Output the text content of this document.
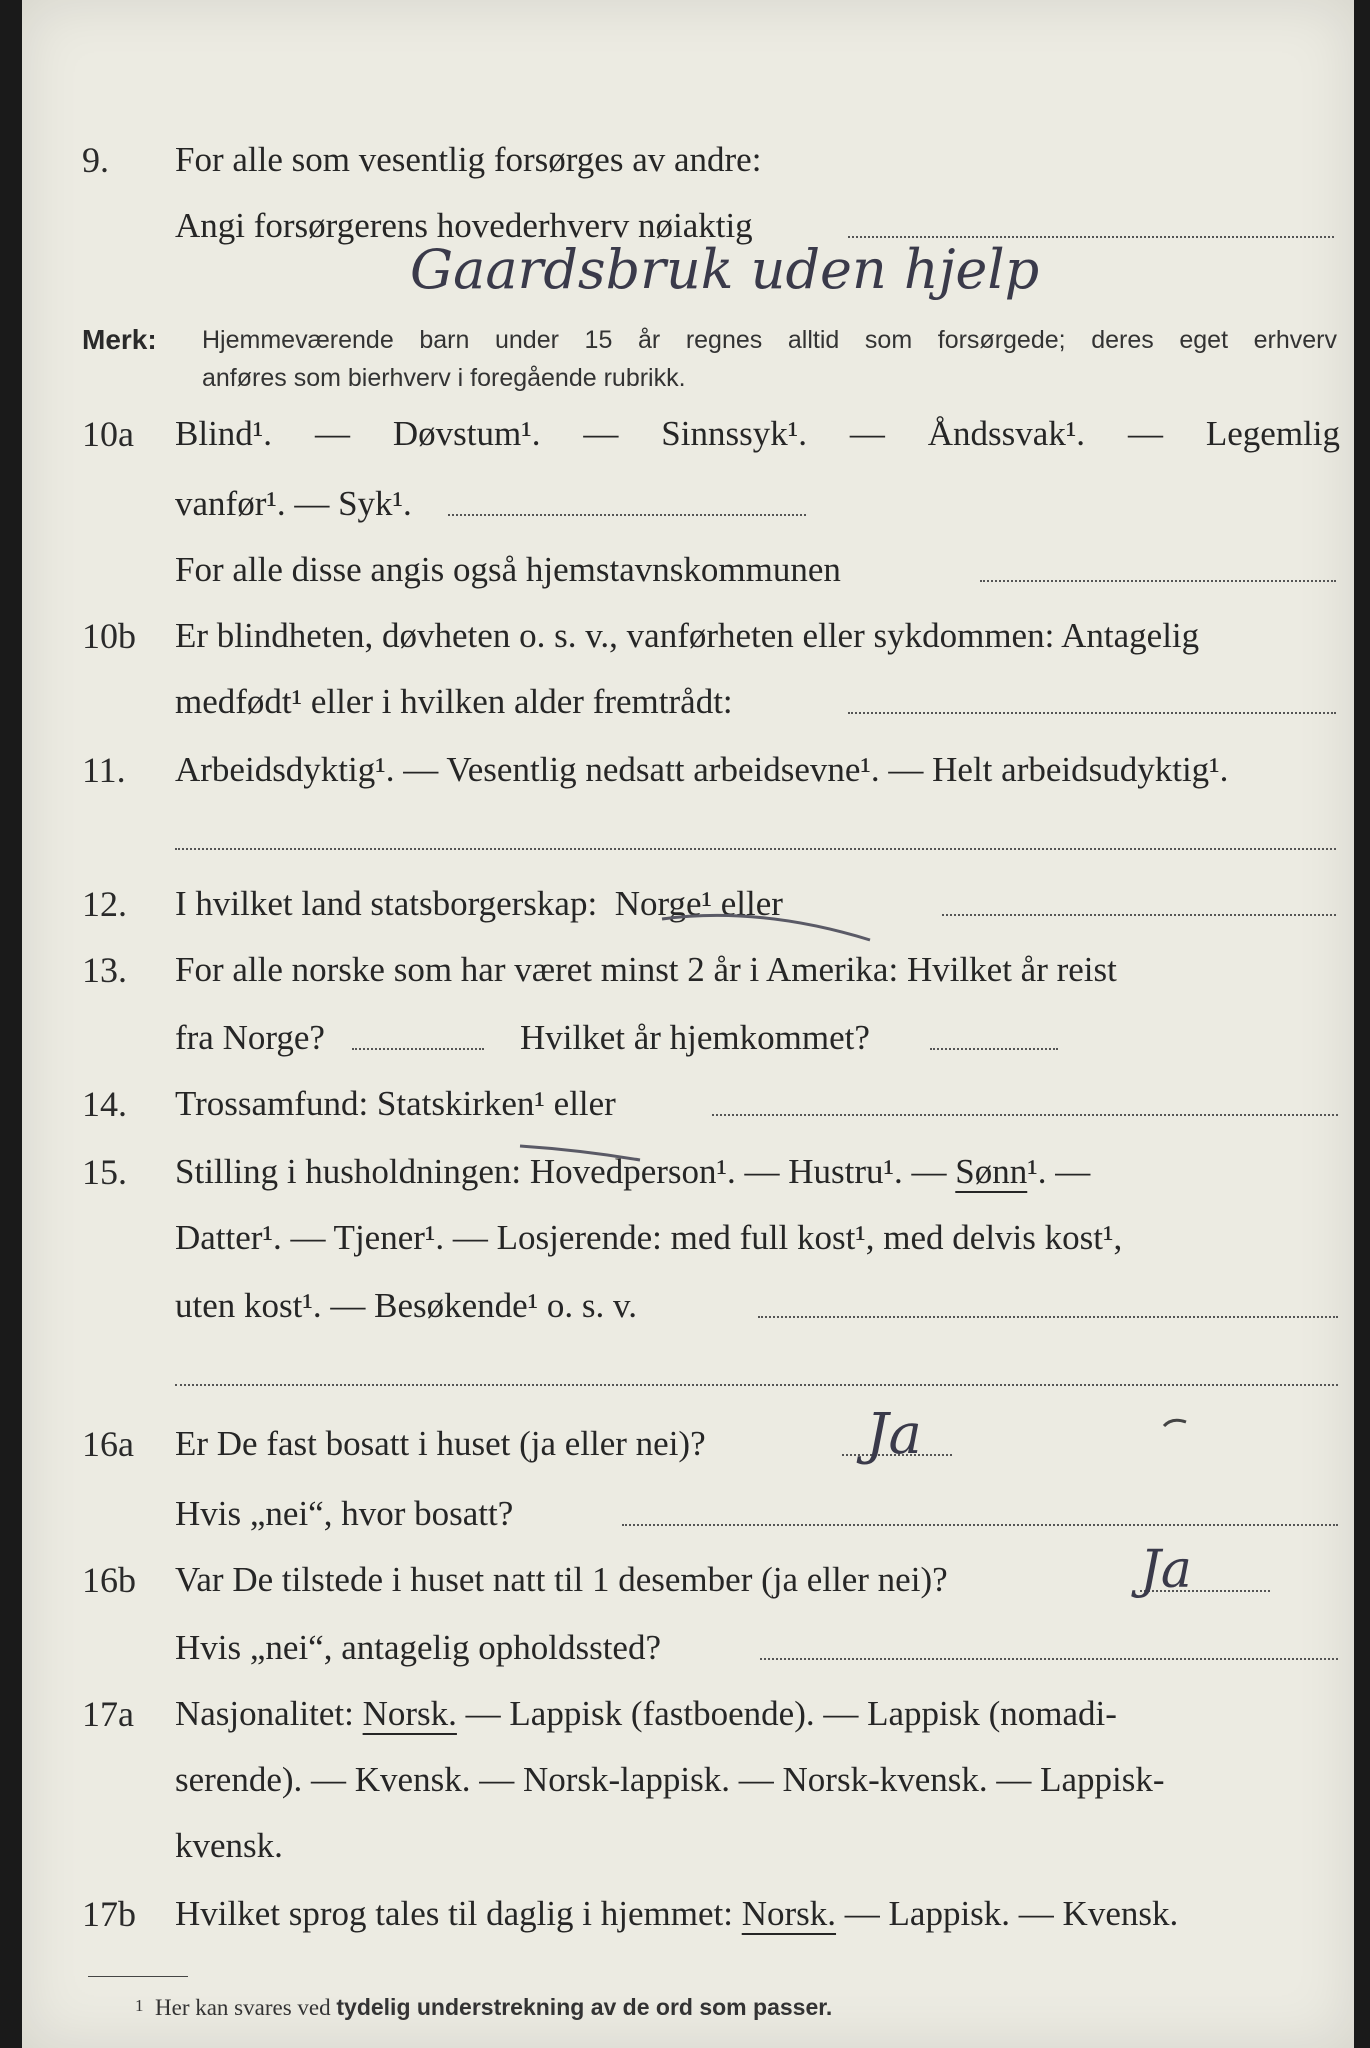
9. For alle som vesentlig forsørges av andre:
Angi forsørgerens hovederhverv nøiaktig
Gaardsbruk uden hjelp
Merk: Hjemmeværende barn under 15 år regnes alltid som forsørgede; deres eget erhverv
anføres som bierhverv i foregående rubrikk.
10a Blind¹. — Døvstum¹. — Sinnssyk¹. — Åndssvak¹. — Legemlig
vanfør¹. — Syk¹.
For alle disse angis også hjemstavnskommunen
10b Er blindheten, døvheten o. s. v., vanførheten eller sykdommen: Antagelig
medfødt¹ eller i hvilken alder fremtrådt:
11. Arbeidsdyktig¹. — Vesentlig nedsatt arbeidsevne¹. — Helt arbeidsudyktig¹.
12. I hvilket land statsborgerskap: Norge¹ eller
13. For alle norske som har været minst 2 år i Amerika: Hvilket år reist
fra Norge?	Hvilket år hjemkommet?
14. Trossamfund: Statskirken¹ eller
15. Stilling i husholdningen: Hovedperson¹. — Hustru¹. — Sønn¹. —
Datter¹. — Tjener¹. — Losjerende: med full kost¹, med delvis kost¹,
uten kost¹. — Besøkende¹ o. s. v.
16a Er De fast bosatt i huset (ja eller nei)?	Ja
Hvis „nei“, hvor bosatt?
16b Var De tilstede i huset natt til 1 desember (ja eller nei)?	Ja
Hvis „nei“, antagelig opholdssted?
17a Nasjonalitet: Norsk. — Lappisk (fastboende). — Lappisk (nomadi-
serende). — Kvensk. — Norsk-lappisk. — Norsk-kvensk. — Lappisk-
kvensk.
17b Hvilket sprog tales til daglig i hjemmet: Norsk. — Lappisk. — Kvensk.
1 Her kan svares ved tydelig understrekning av de ord som passer.
